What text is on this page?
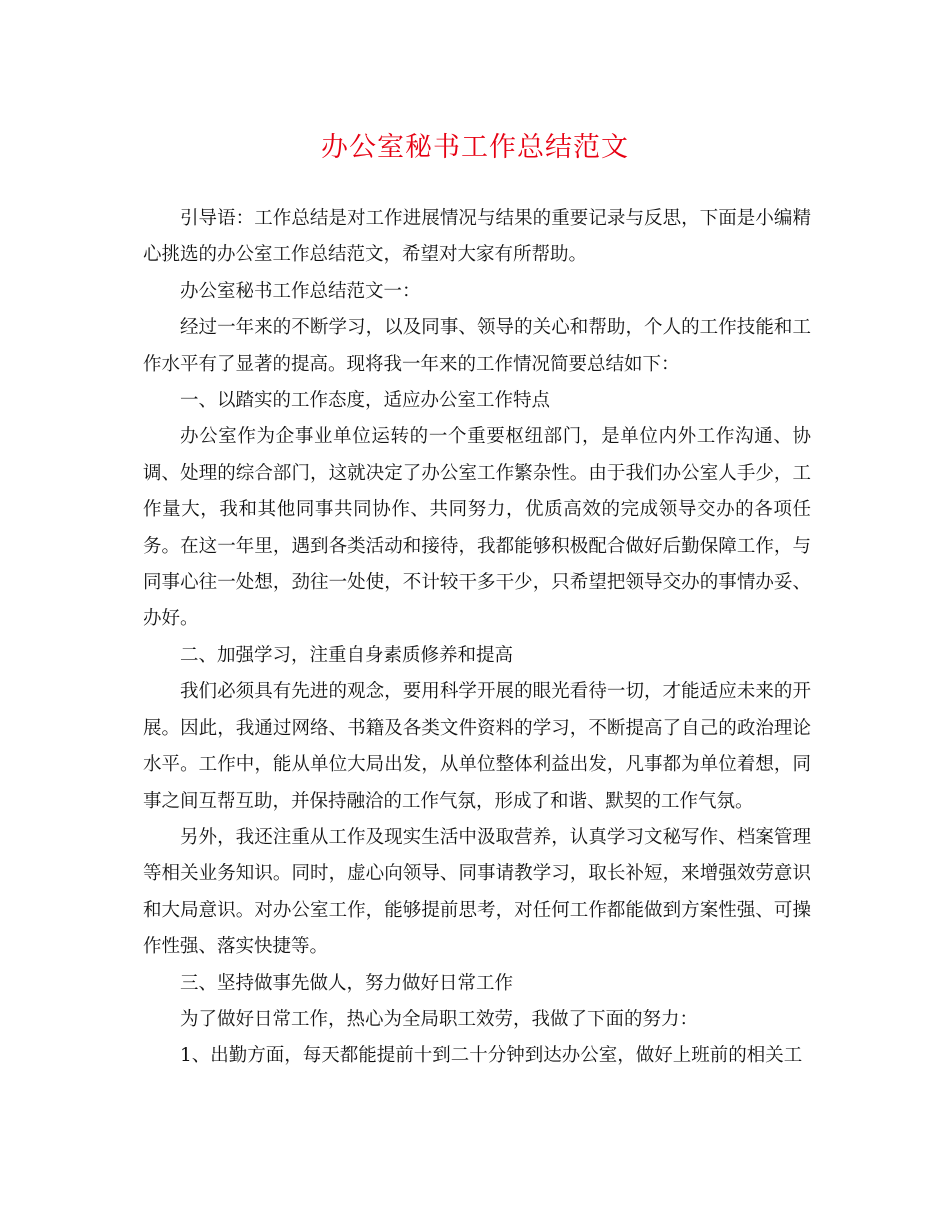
办公室秘书工作总结范文

引导语：工作总结是对工作进展情况与结果的重要记录与反思，下面是小编精心挑选的办公室工作总结范文，希望对大家有所帮助。

办公室秘书工作总结范文一：

经过一年来的不断学习，以及同事、领导的关心和帮助，个人的工作技能和工作水平有了显著的提高。现将我一年来的工作情况简要总结如下：

一、以踏实的工作态度，适应办公室工作特点

办公室作为企事业单位运转的一个重要枢纽部门，是单位内外工作沟通、协调、处理的综合部门，这就决定了办公室工作繁杂性。由于我们办公室人手少，工作量大，我和其他同事共同协作、共同努力，优质高效的完成领导交办的各项任务。在这一年里，遇到各类活动和接待，我都能够积极配合做好后勤保障工作，与同事心往一处想，劲往一处使，不计较干多干少，只希望把领导交办的事情办妥、办好。

二、加强学习，注重自身素质修养和提高

我们必须具有先进的观念，要用科学开展的眼光看待一切，才能适应未来的开展。因此，我通过网络、书籍及各类文件资料的学习，不断提高了自己的政治理论水平。工作中，能从单位大局出发，从单位整体利益出发，凡事都为单位着想，同事之间互帮互助，并保持融洽的工作气氛，形成了和谐、默契的工作气氛。

另外，我还注重从工作及现实生活中汲取营养，认真学习文秘写作、档案管理等相关业务知识。同时，虚心向领导、同事请教学习，取长补短，来增强效劳意识和大局意识。对办公室工作，能够提前思考，对任何工作都能做到方案性强、可操作性强、落实快捷等。

三、坚持做事先做人，努力做好日常工作

为了做好日常工作，热心为全局职工效劳，我做了下面的努力：

1、出勤方面，每天都能提前十到二十分钟到达办公室，做好上班前的相关工
